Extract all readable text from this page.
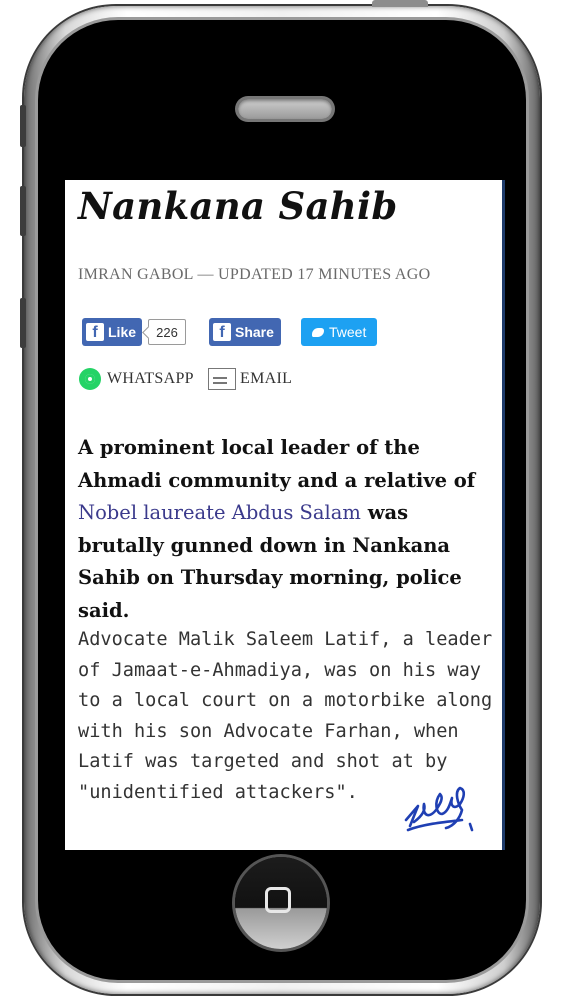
Nankana Sahib
IMRAN GABOL — UPDATED 17 MINUTES AGO
f Like	226	f Share	Tweet
WHATSAPP	EMAIL

A prominent local leader of the Ahmadi community and a relative of Nobel laureate Abdus Salam was brutally gunned down in Nankana Sahib on Thursday morning, police said.

Advocate Malik Saleem Latif, a leader of Jamaat-e-Ahmadiya, was on his way to a local court on a motorbike along with his son Advocate Farhan, when Latif was targeted and shot at by "unidentified attackers".
